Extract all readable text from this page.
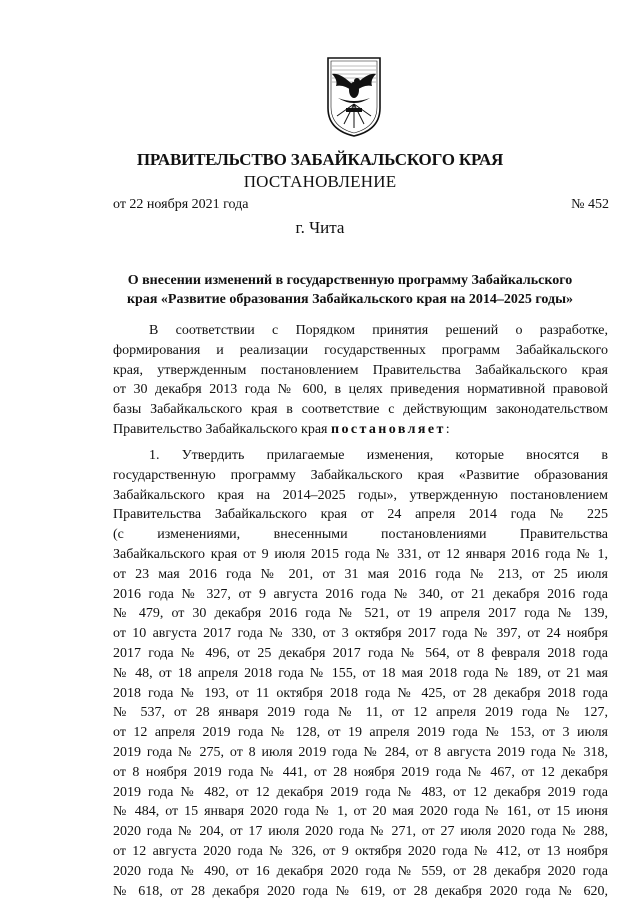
ПРАВИТЕЛЬСТВО ЗАБАЙКАЛЬСКОГО КРАЯ
ПОСТАНОВЛЕНИЕ
от 22 ноября 2021 года	№ 452
г. Чита
О внесении изменений в государственную программу Забайкальского
края «Развитие образования Забайкальского края на 2014–2025 годы»
В соответствии с Порядком принятия решений о разработке,
формирования и реализации государственных программ Забайкальского
края, утвержденным постановлением Правительства Забайкальского края
от 30 декабря 2013 года № 600, в целях приведения нормативной правовой
базы Забайкальского края в соответствие с действующим законодательством
Правительство Забайкальского края постановляет:
1. Утвердить прилагаемые изменения, которые вносятся в
государственную программу Забайкальского края «Развитие образования
Забайкальского края на 2014–2025 годы», утвержденную постановлением
Правительства Забайкальского края от 24 апреля 2014 года № 225
(с изменениями, внесенными постановлениями Правительства
Забайкальского края от 9 июля 2015 года № 331, от 12 января 2016 года № 1,
от 23 мая 2016 года № 201, от 31 мая 2016 года № 213, от 25 июля
2016 года № 327, от 9 августа 2016 года № 340, от 21 декабря 2016 года
№ 479, от 30 декабря 2016 года № 521, от 19 апреля 2017 года № 139,
от 10 августа 2017 года № 330, от 3 октября 2017 года № 397, от 24 ноября
2017 года № 496, от 25 декабря 2017 года № 564, от 8 февраля 2018 года
№ 48, от 18 апреля 2018 года № 155, от 18 мая 2018 года № 189, от 21 мая
2018 года № 193, от 11 октября 2018 года № 425, от 28 декабря 2018 года
№ 537, от 28 января 2019 года № 11, от 12 апреля 2019 года № 127,
от 12 апреля 2019 года № 128, от 19 апреля 2019 года № 153, от 3 июля
2019 года № 275, от 8 июля 2019 года № 284, от 8 августа 2019 года № 318,
от 8 ноября 2019 года № 441, от 28 ноября 2019 года № 467, от 12 декабря
2019 года № 482, от 12 декабря 2019 года № 483, от 12 декабря 2019 года
№ 484, от 15 января 2020 года № 1, от 20 мая 2020 года № 161, от 15 июня
2020 года № 204, от 17 июля 2020 года № 271, от 27 июля 2020 года № 288,
от 12 августа 2020 года № 326, от 9 октября 2020 года № 412, от 13 ноября
2020 года № 490, от 16 декабря 2020 года № 559, от 28 декабря 2020 года
№ 618, от 28 декабря 2020 года № 619, от 28 декабря 2020 года № 620,
